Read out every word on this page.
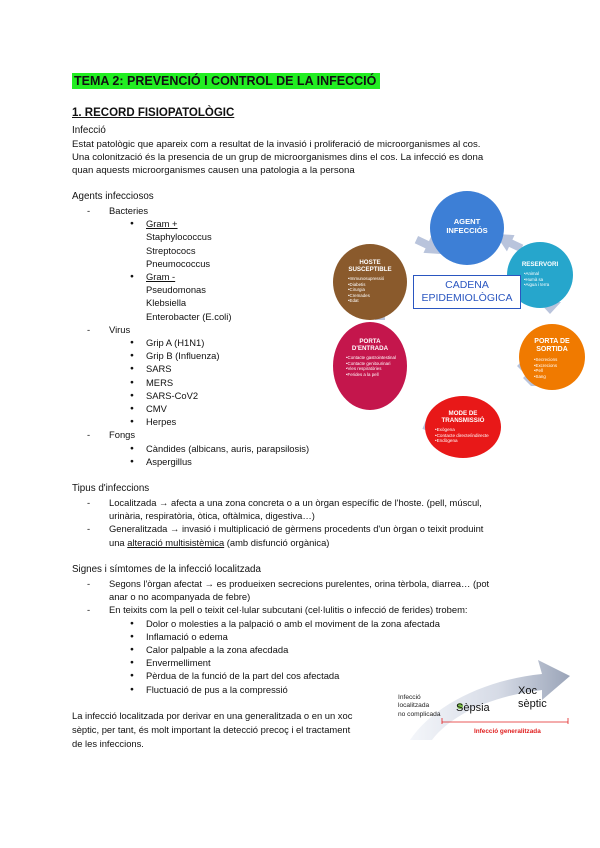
TEMA 2: PREVENCIÓ I CONTROL DE LA INFECCIÓ
1. RECORD FISIOPATOLÒGIC
Infecció
Estat patològic que apareix com a resultat de la invasió i proliferació de microorganismes al cos.
Una colonització és la presencia de un grup de microorganismes dins el cos. La infecció es dona
quan aquests microorganismes causen una patologia a la persona
Agents infecciosos
- Bacteries
● Gram +
Staphylococcus
Streptococs
Pneumococcus
● Gram -
Pseudomonas
Klebsiella
Enterobacter (E.coli)
- Virus
● Grip A (H1N1)
● Grip B (Influenza)
● SARS
● MERS
● SARS-CoV2
● CMV
● Herpes
- Fongs
● Càndides (albicans, auris, parapsilosis)
● Aspergillus
AGENT
INFECCIÓS
RESERVORI
• Animal
• Humà sa
• Aigua i terra
PORTA DE
SORTIDA
• Secrecions
• Excrecions
• Pell
• Sang
MODE DE
TRANSMISSIÓ
• Exògena
• Contacte directe/indirecte
• Endògena
PORTA
D'ENTRADA
• Contacte gastrointestinal
• Contacte genitourinari
• Vies respiratòries
• Ferides a la pell
HOSTE
SUSCEPTIBLE
• Immunosupressió
• Diabetis
• Cirurgia
• Cremades
• Edat
CADENA
EPIDEMIOLÒGICA
Tipus d'infeccions
- Localitzada → afecta a una zona concreta o a un òrgan específic de l'hoste. (pell, múscul,
urinària, respiratòria, òtica, oftàlmica, digestiva…)
- Generalitzada → invasió i multiplicació de gèrmens procedents d'un òrgan o teixit produint
una alteració multisistèmica (amb disfunció orgànica)
Signes i símtomes de la infecció localitzada
- Segons l'òrgan afectat → es produeixen secrecions purelentes, orina tèrbola, diarrea… (pot
anar o no acompanyada de febre)
- En teixits com la pell o teixit cel·lular subcutani (cel·lulitis o infecció de ferides) trobem:
● Dolor o molesties a la palpació o amb el moviment de la zona afectada
● Inflamació o edema
● Calor palpable a la zona afecdada
● Envermelliment
● Pèrdua de la funció de la part del cos afectada
● Fluctuació de pus a la compressió
La infecció localitzada por derivar en una generalitzada o en un xoc
sèptic, per tant, és molt important la detecció precoç i el tractament
de les infeccions.
Infecció
localitzada
no complicada
Sèpsia
Xoc
sèptic
Infecció generalitzada
